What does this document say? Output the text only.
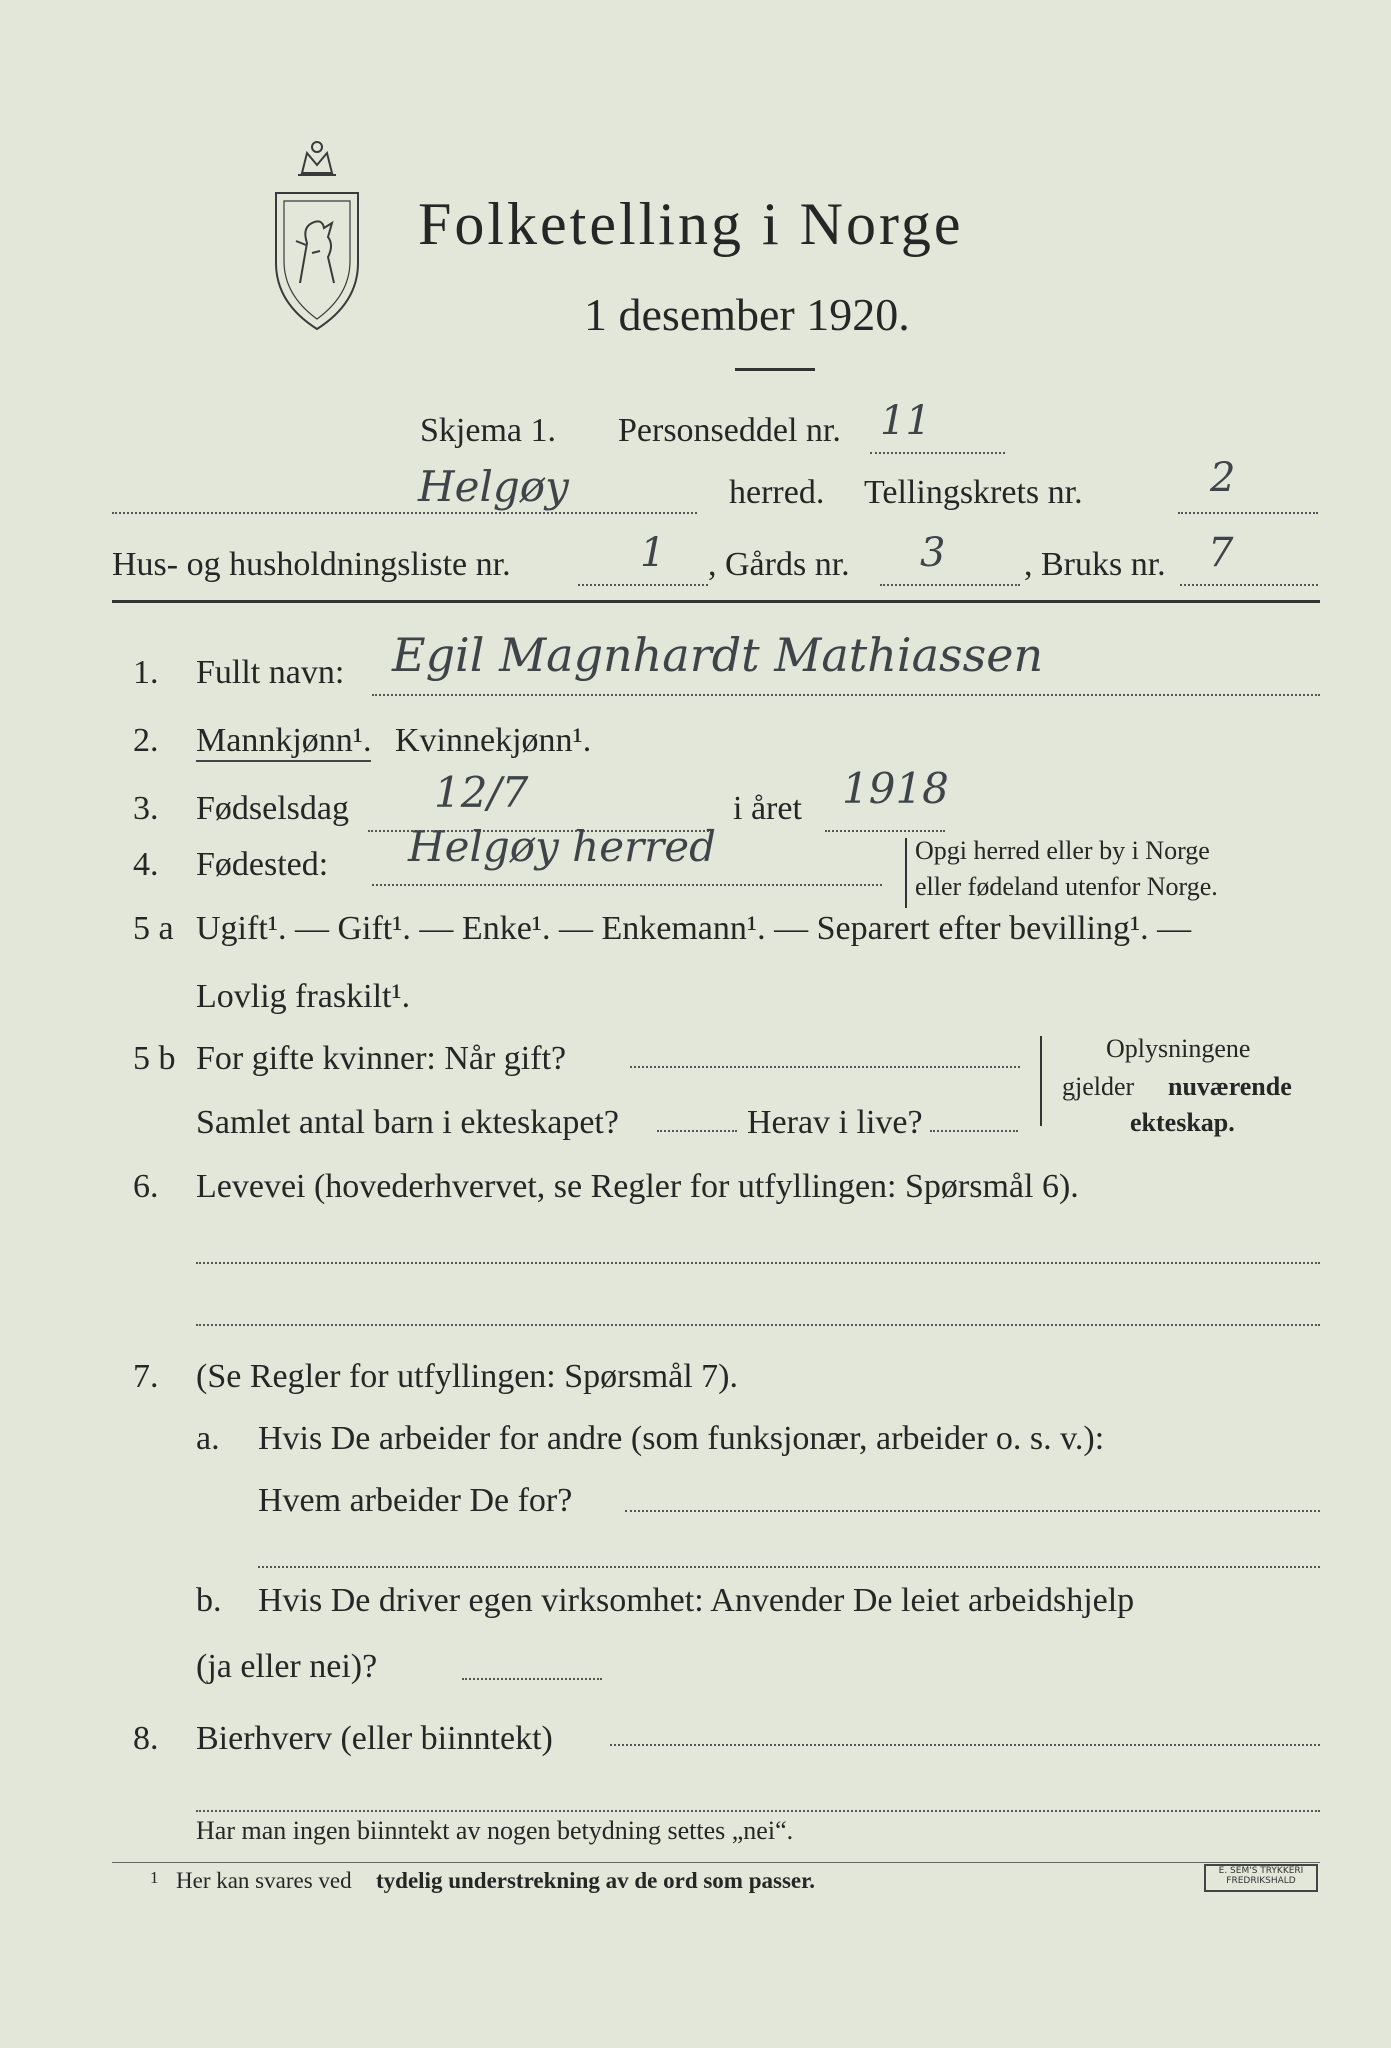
Folketelling i Norge
1 desember 1920.
Skjema 1. Personseddel nr. 11
Helgøy	herred. Tellingskrets nr.	2
Hus- og husholdningsliste nr.	1 , Gårds nr. 3 , Bruks nr. 7
1. Fullt navn: Egil Magnhardt Mathiassen
2. Mannkjønn¹. Kvinnekjønn¹.
3. Fødselsdag 12/7	i året 1918
4. Fødested: Helgøy herred	Opgi herred eller by i Norge
eller fødeland utenfor Norge.
5 a Ugift¹. — Gift¹. — Enke¹. — Enkemann¹. — Separert efter bevilling¹. —
Lovlig fraskilt¹.
5 b For gifte kvinner: Når gift?
Samlet antal barn i ekteskapet?	Herav i live?
Oplysningene
gjelder nuværende
ekteskap.
6. Levevei (hovederhvervet, se Regler for utfyllingen: Spørsmål 6).
7. (Se Regler for utfyllingen: Spørsmål 7).
a. Hvis De arbeider for andre (som funksjonær, arbeider o. s. v.):
Hvem arbeider De for?
b. Hvis De driver egen virksomhet: Anvender De leiet arbeidshjelp
(ja eller nei)?
8. Bierhverv (eller biinntekt)
Har man ingen biinntekt av nogen betydning settes „nei“.
1 Her kan svares ved tydelig understrekning av de ord som passer.	E. SEM'S TRYKKERI
FREDRIKSHALD
